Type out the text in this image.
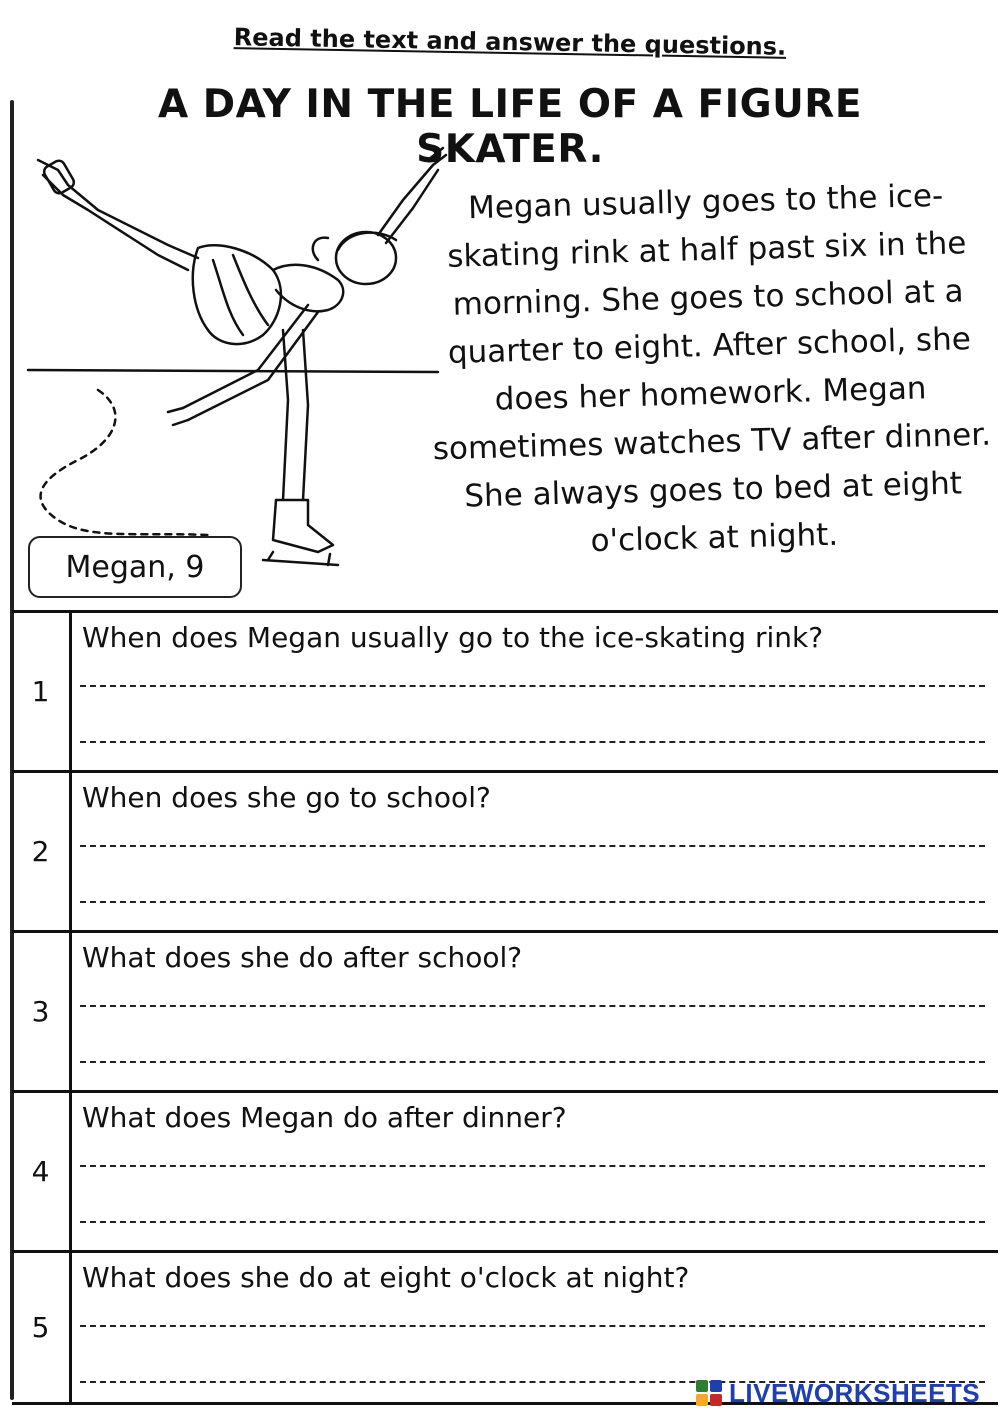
Read the text and answer the questions.
A DAY IN THE LIFE OF A FIGURE SKATER.
Megan, 9
Megan usually goes to the ice-skating rink at half past six in the morning. She goes to school at a quarter to eight. After school, she does her homework. Megan sometimes watches TV after dinner. She always goes to bed at eight o'clock at night.
1
When does Megan usually go to the ice-skating rink?
2
When does she go to school?
3
What does she do after school?
4
What does Megan do after dinner?
5
What does she do at eight o'clock at night?
LIVEWORKSHEETS
